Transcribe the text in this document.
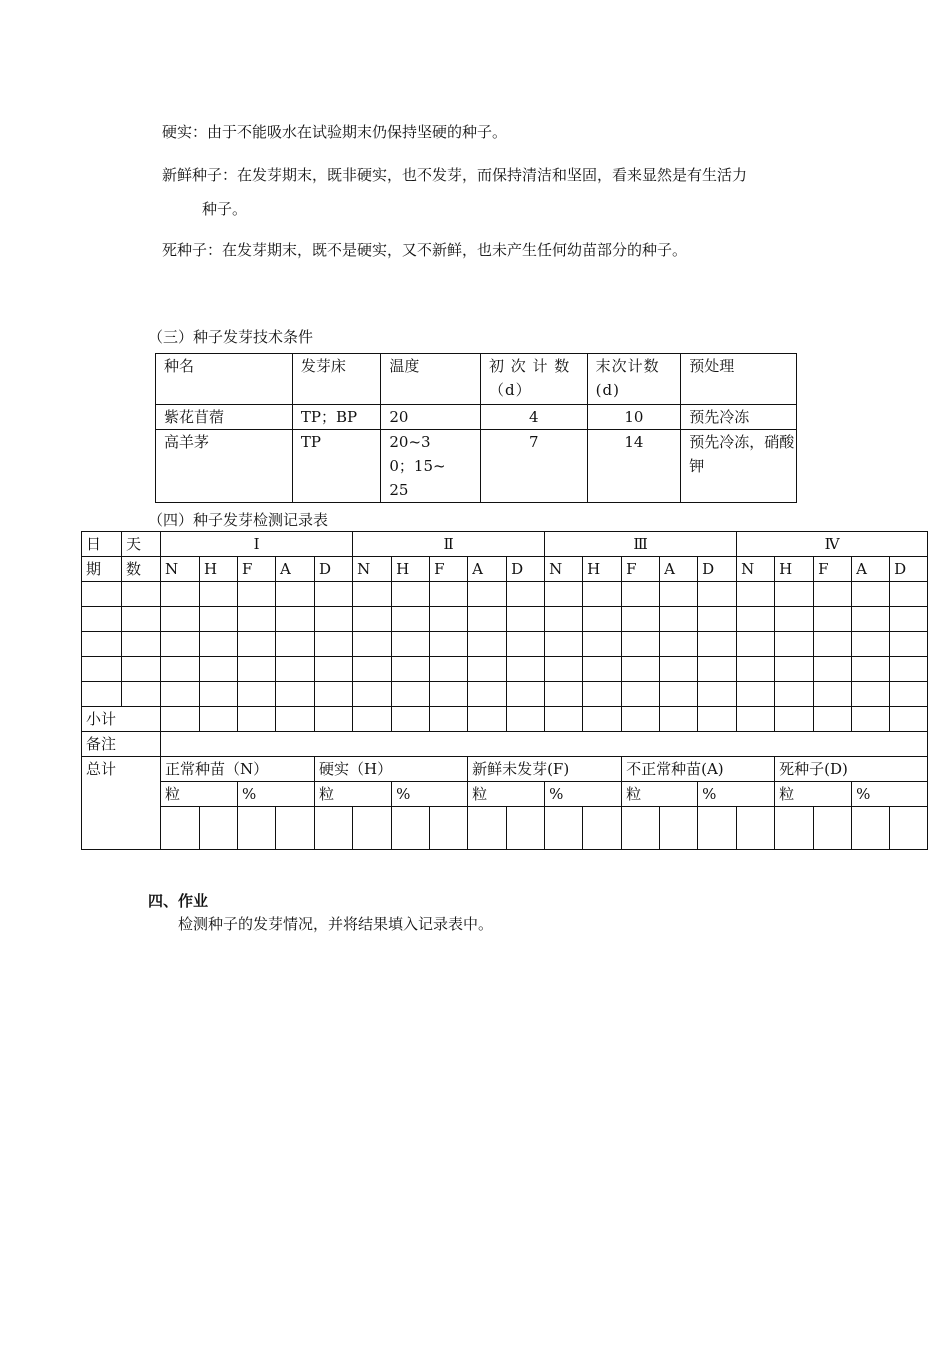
硬实：由于不能吸水在试验期末仍保持坚硬的种子。
新鲜种子：在发芽期末，既非硬实，也不发芽，而保持清洁和坚固，看来显然是有生活力
种子。
死种子：在发芽期末，既不是硬实，又不新鲜，也未产生任何幼苗部分的种子。
（三）种子发芽技术条件
种名	发芽床	温度	初 次 计 数（d）	末次计数(d)	预处理
紫花苜蓿	TP；BP	20	4	10	预先冷冻
高羊茅	TP	20~30；15~25	7	14	预先冷冻，硝酸钾
（四）种子发芽检测记录表
日	天	Ⅰ					Ⅱ					Ⅲ					Ⅳ				
期	数	N	H	F	A	D	N	H	F	A	D	N	H	F	A	D	N	H	F	A	D

小计																					
备注																					
总计		正常种苗（N）				硬实（H）				新鲜未发芽(F)				不正常种苗(A)				死种子(D)			
		粒		%		粒		%		粒		%		粒		%		粒		%	

四、作业
检测种子的发芽情况，并将结果填入记录表中。
